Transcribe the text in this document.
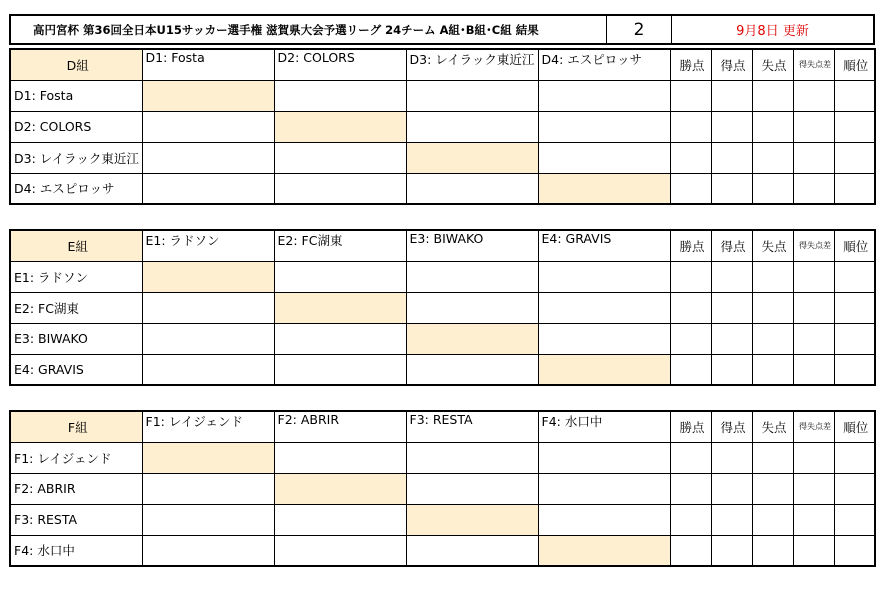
高円宮杯 第36回全日本U15サッカー選手権 滋賀県大会予選リーグ 24チーム A組･B組･C組 結果	2	9月8日 更新
D組	D1: Fosta	D2: COLORS	D3: レイラック東近江	D4: エスピロッサ	勝点	得点	失点	得失点差	順位
D1: Fosta									
D2: COLORS									
D3: レイラック東近江									
D4: エスピロッサ									
E組	E1: ラドソン	E2: FC湖東	E3: BIWAKO	E4: GRAVIS	勝点	得点	失点	得失点差	順位
E1: ラドソン									
E2: FC湖東									
E3: BIWAKO									
E4: GRAVIS									
F組	F1: レイジェンド	F2: ABRIR	F3: RESTA	F4: 水口中	勝点	得点	失点	得失点差	順位
F1: レイジェンド									
F2: ABRIR									
F3: RESTA									
F4: 水口中									
